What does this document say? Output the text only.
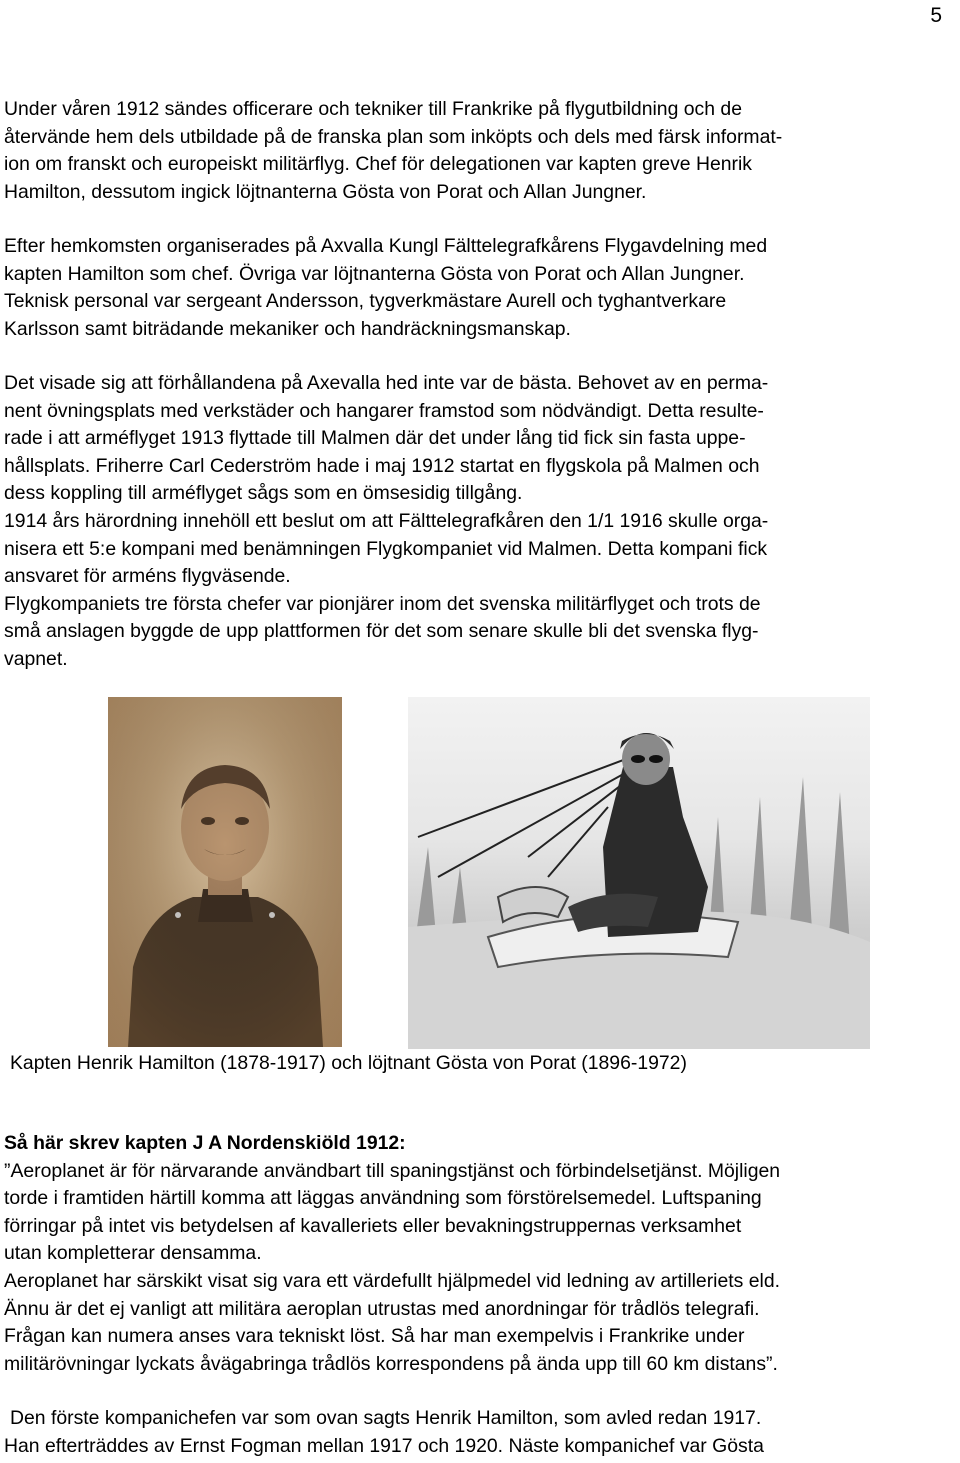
5
Under våren 1912 sändes officerare och tekniker till Frankrike på flygutbildning och de
återvände hem dels utbildade på de franska plan som inköpts och dels med färsk informat-
ion om franskt och europeiskt militärflyg. Chef för delegationen var kapten greve Henrik
Hamilton, dessutom ingick löjtnanterna Gösta von Porat och Allan Jungner.
Efter hemkomsten organiserades på Axvalla Kungl Fälttelegrafkårens Flygavdelning med
kapten Hamilton som chef. Övriga var löjtnanterna Gösta von Porat och Allan Jungner.
Teknisk personal var sergeant Andersson, tygverkmästare Aurell och tyghantverkare
Karlsson samt biträdande mekaniker och handräckningsmanskap.
Det visade sig att förhållandena på Axevalla hed inte var de bästa. Behovet av en perma-
nent övningsplats med verkstäder och hangarer framstod som nödvändigt. Detta resulte-
rade i att arméflyget 1913 flyttade till Malmen där det under lång tid fick sin fasta uppe-
hållsplats. Friherre Carl Cederström hade i maj 1912 startat en flygskola på Malmen och
dess koppling till arméflyget sågs som en ömsesidig tillgång.
1914 års härordning innehöll ett beslut om att Fälttelegrafkåren den 1/1 1916 skulle orga-
nisera ett 5:e kompani med benämningen Flygkompaniet vid Malmen. Detta kompani fick
ansvaret för arméns flygväsende.
Flygkompaniets tre första chefer var pionjärer inom det svenska militärflyget och trots de
små anslagen byggde de upp plattformen för det som senare skulle bli det svenska flyg-
vapnet.
Kapten Henrik Hamilton (1878-1917) och löjtnant Gösta von Porat (1896-1972)
Så här skrev kapten J A Nordenskiöld 1912:
”Aeroplanet är för närvarande användbart till spaningstjänst och förbindelsetjänst. Möjligen
torde i framtiden härtill komma att läggas användning som förstörelsemedel. Luftspaning
förringar på intet vis betydelsen af kavalleriets eller bevakningstruppernas verksamhet
utan kompletterar densamma.
Aeroplanet har särskikt visat sig vara ett värdefullt hjälpmedel vid ledning av artilleriets eld.
Ännu är det ej vanligt att militära aeroplan utrustas med anordningar för trådlös telegrafi.
Frågan kan numera anses vara tekniskt löst. Så har man exempelvis i Frankrike under
militärövningar lyckats åvägabringa trådlös korrespondens på ända upp till 60 km distans”.
Den förste kompanichefen var som ovan sagts Henrik Hamilton, som avled redan 1917.
Han efterträddes av Ernst Fogman mellan 1917 och 1920. Näste kompanichef var Gösta
